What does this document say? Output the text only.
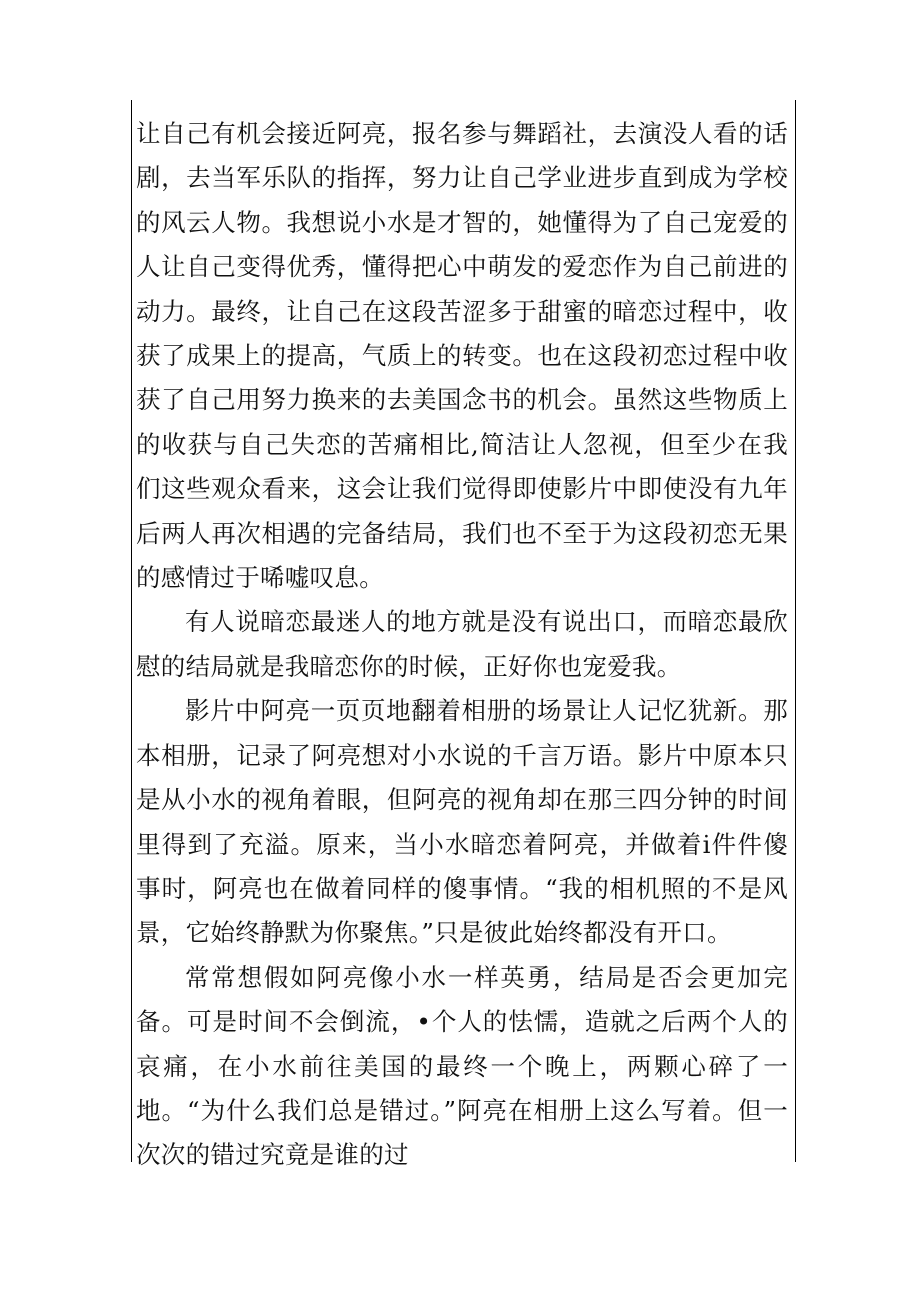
让自己有机会接近阿亮，报名参与舞蹈社，去演没人看的话剧，去当军乐队的指挥，努力让自己学业进步直到成为学校的风云人物。我想说小水是才智的，她懂得为了自己宠爱的人让自己变得优秀，懂得把心中萌发的爱恋作为自己前进的动力。最终，让自己在这段苦涩多于甜蜜的暗恋过程中，收获了成果上的提高，气质上的转变。也在这段初恋过程中收获了自己用努力换来的去美国念书的机会。虽然这些物质上的收获与自己失恋的苦痛相比,简洁让人忽视，但至少在我们这些观众看来，这会让我们觉得即使影片中即使没有九年后两人再次相遇的完备结局，我们也不至于为这段初恋无果的感情过于唏嘘叹息。

有人说暗恋最迷人的地方就是没有说出口，而暗恋最欣慰的结局就是我暗恋你的时候，正好你也宠爱我。

影片中阿亮一页页地翻着相册的场景让人记忆犹新。那本相册，记录了阿亮想对小水说的千言万语。影片中原本只是从小水的视角着眼，但阿亮的视角却在那三四分钟的时间里得到了充溢。原来，当小水暗恋着阿亮，并做着i件件傻事时，阿亮也在做着同样的傻事情。“我的相机照的不是风景，它始终静默为你聚焦。”只是彼此始终都没有开口。

常常想假如阿亮像小水一样英勇，结局是否会更加完备。可是时间不会倒流，•个人的怯懦，造就之后两个人的哀痛，在小水前往美国的最终一个晚上，两颗心碎了一地。“为什么我们总是错过。”阿亮在相册上这么写着。但一次次的错过究竟是谁的过
